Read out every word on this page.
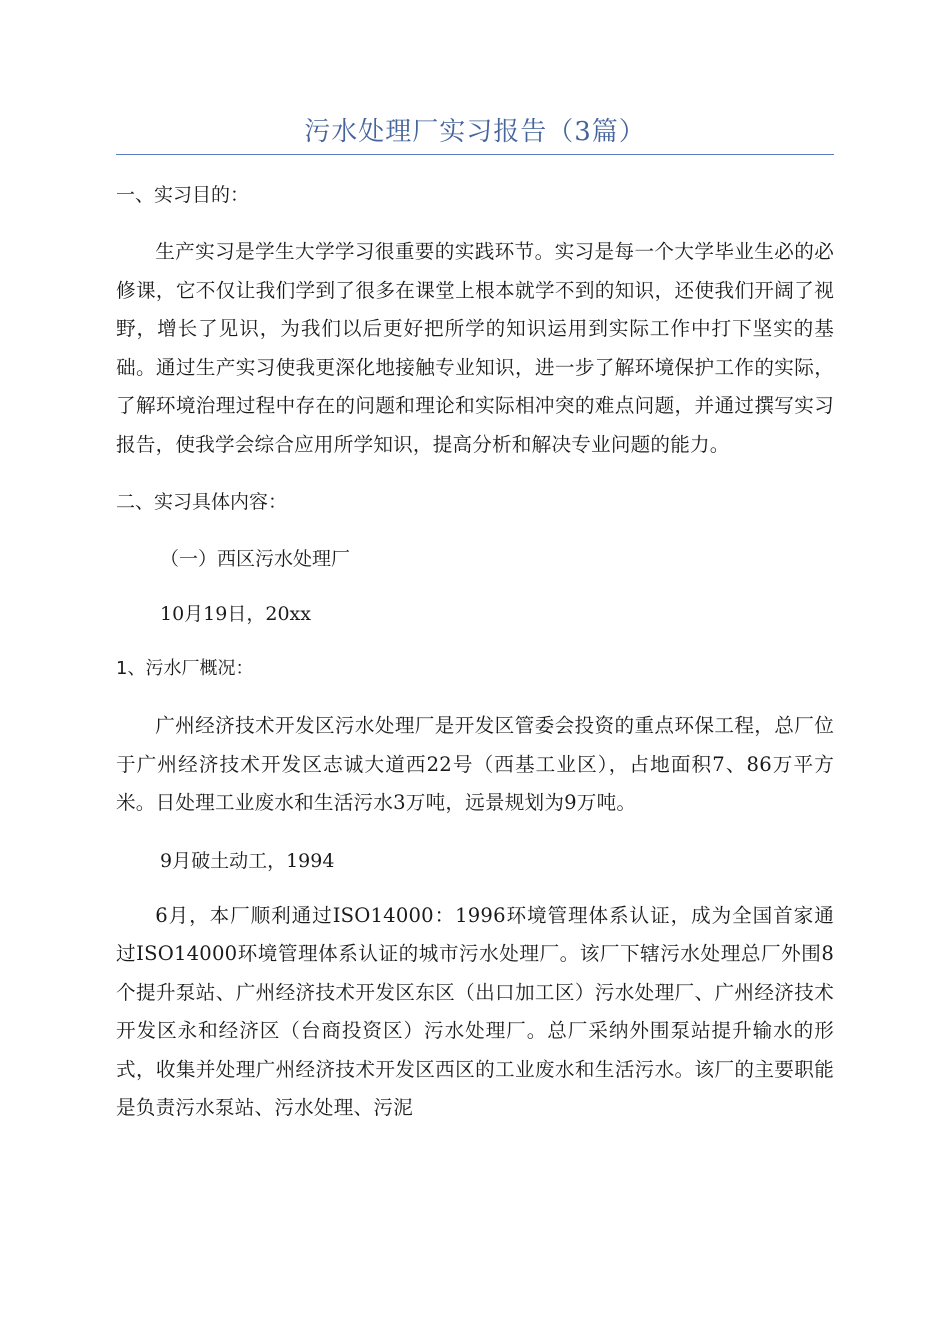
污水处理厂实习报告（3篇）
一、实习目的：
生产实习是学生大学学习很重要的实践环节。实习是每一个大学毕业生必的必修课，它不仅让我们学到了很多在课堂上根本就学不到的知识，还使我们开阔了视野，增长了见识，为我们以后更好把所学的知识运用到实际工作中打下坚实的基础。通过生产实习使我更深化地接触专业知识，进一步了解环境保护工作的实际，了解环境治理过程中存在的问题和理论和实际相冲突的难点问题，并通过撰写实习报告，使我学会综合应用所学知识，提高分析和解决专业问题的能力。
二、实习具体内容：
（一）西区污水处理厂
10月19日，20xx
1、污水厂概况：
广州经济技术开发区污水处理厂是开发区管委会投资的重点环保工程，总厂位于广州经济技术开发区志诚大道西22号（西基工业区），占地面积7、86万平方米。日处理工业废水和生活污水3万吨，远景规划为9万吨。
9月破土动工，1994
6月，本厂顺利通过ISO14000：1996环境管理体系认证，成为全国首家通过ISO14000环境管理体系认证的城市污水处理厂。该厂下辖污水处理总厂外围8个提升泵站、广州经济技术开发区东区（出口加工区）污水处理厂、广州经济技术开发区永和经济区（台商投资区）污水处理厂。总厂采纳外围泵站提升输水的形式，收集并处理广州经济技术开发区西区的工业废水和生活污水。该厂的主要职能是负责污水泵站、污水处理、污泥
